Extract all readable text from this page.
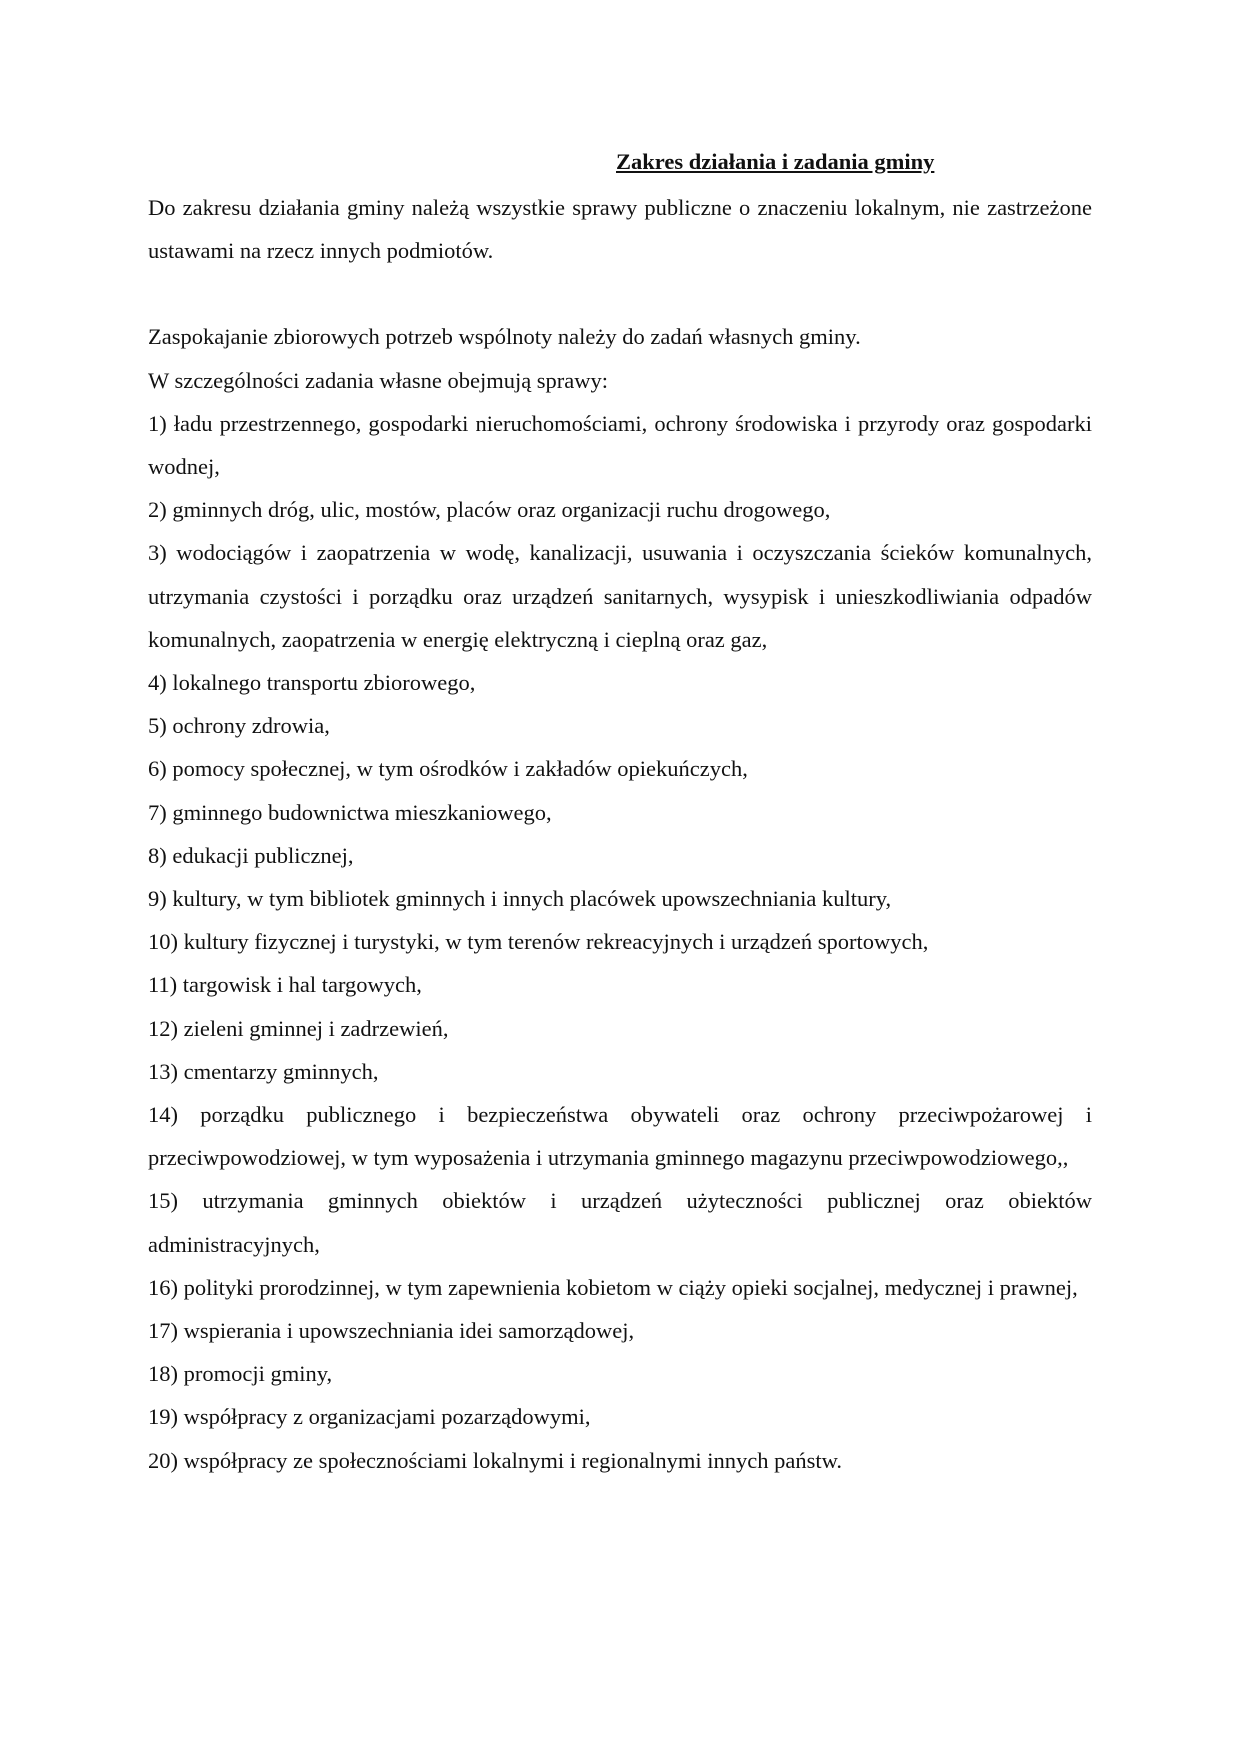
Zakres działania i zadania gminy

Do zakresu działania gminy należą wszystkie sprawy publiczne o znaczeniu lokalnym, nie zastrzeżone ustawami na rzecz innych podmiotów.

Zaspokajanie zbiorowych potrzeb wspólnoty należy do zadań własnych gminy.

W szczególności zadania własne obejmują sprawy:

1) ładu przestrzennego, gospodarki nieruchomościami, ochrony środowiska i przyrody oraz gospodarki wodnej,

2) gminnych dróg, ulic, mostów, placów oraz organizacji ruchu drogowego,

3) wodociągów i zaopatrzenia w wodę, kanalizacji, usuwania i oczyszczania ścieków komunalnych, utrzymania czystości i porządku oraz urządzeń sanitarnych, wysypisk i unieszkodliwiania odpadów komunalnych, zaopatrzenia w energię elektryczną i cieplną oraz gaz,

4) lokalnego transportu zbiorowego,

5) ochrony zdrowia,

6) pomocy społecznej, w tym ośrodków i zakładów opiekuńczych,

7) gminnego budownictwa mieszkaniowego,

8) edukacji publicznej,

9) kultury, w tym bibliotek gminnych i innych placówek upowszechniania kultury,

10) kultury fizycznej i turystyki, w tym terenów rekreacyjnych i urządzeń sportowych,

11) targowisk i hal targowych,

12) zieleni gminnej i zadrzewień,

13) cmentarzy gminnych,

14) porządku publicznego i bezpieczeństwa obywateli oraz ochrony przeciwpożarowej i przeciwpowodziowej, w tym wyposażenia i utrzymania gminnego magazynu przeciwpowodziowego,,

15) utrzymania gminnych obiektów i urządzeń użyteczności publicznej oraz obiektów administracyjnych,

16) polityki prorodzinnej, w tym zapewnienia kobietom w ciąży opieki socjalnej, medycznej i prawnej,

17) wspierania i upowszechniania idei samorządowej,

18) promocji gminy,

19) współpracy z organizacjami pozarządowymi,

20) współpracy ze społecznościami lokalnymi i regionalnymi innych państw.
